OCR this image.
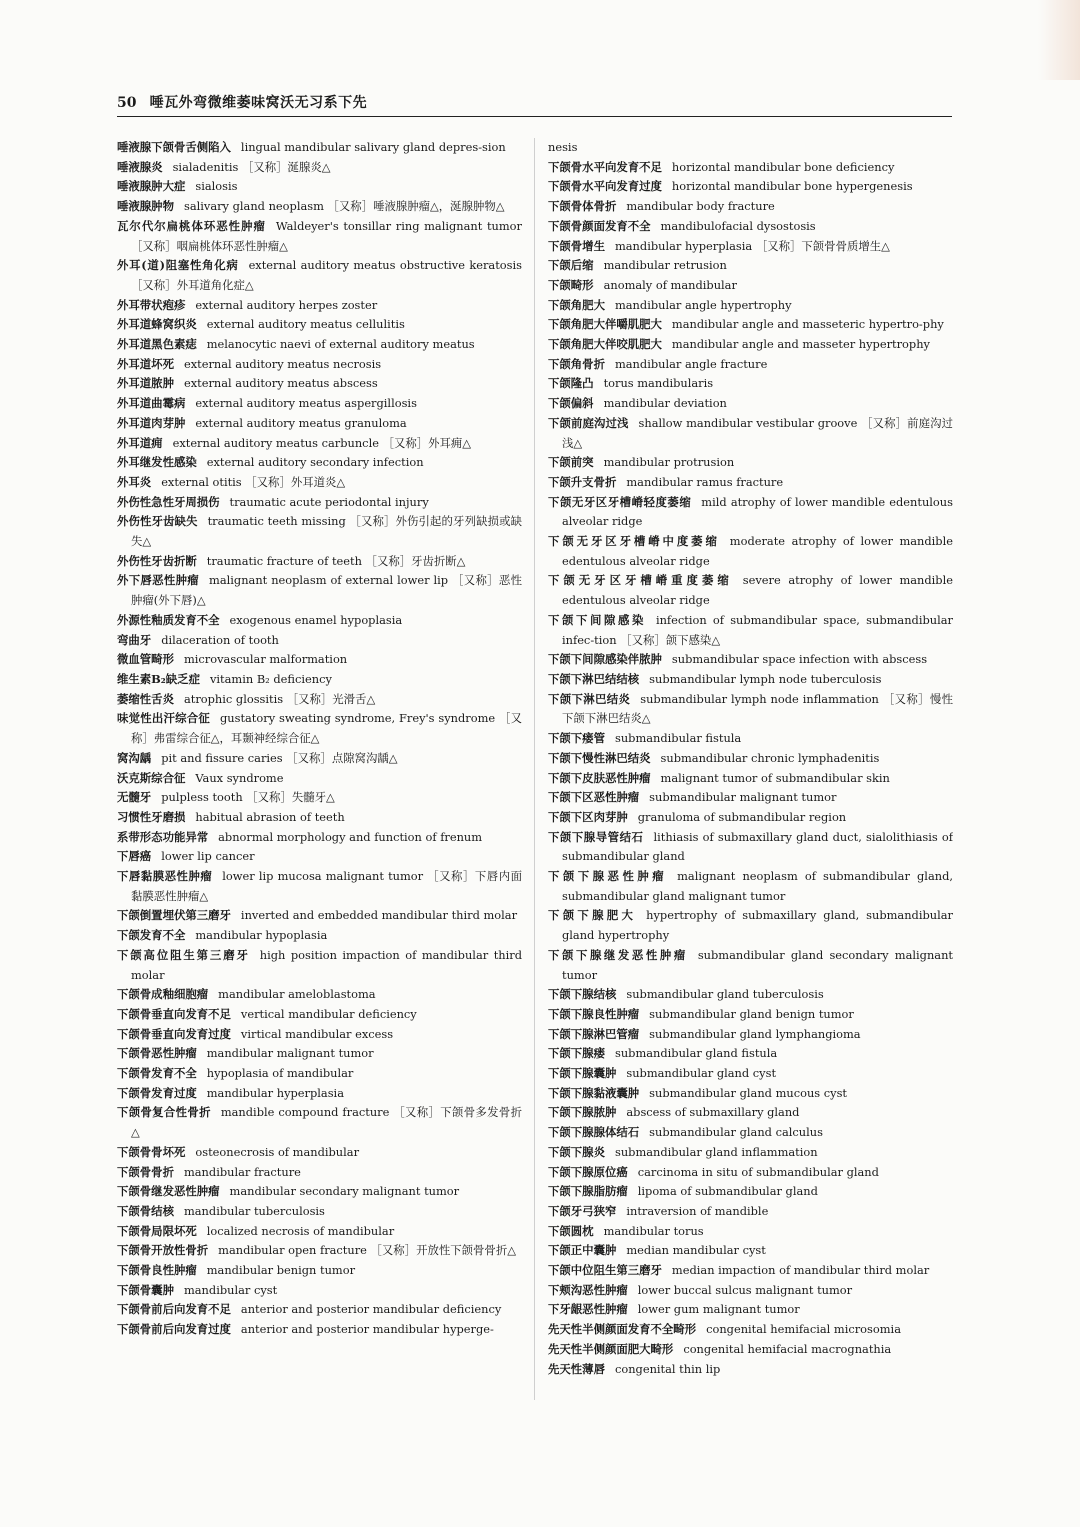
50 唾瓦外弯微维萎味窝沃无习系下先

唾液腺下颌骨舌侧陷入 lingual mandibular salivary gland depres-sion

唾液腺炎 sialadenitis ［又称］涎腺炎△

唾液腺肿大症 sialosis

唾液腺肿物 salivary gland neoplasm ［又称］唾液腺肿瘤△，涎腺肿物△

瓦尔代尔扁桃体环恶性肿瘤 Waldeyer's tonsillar ring malignant tumor ［又称］咽扁桃体环恶性肿瘤△

外耳(道)阻塞性角化病 external auditory meatus obstructive keratosis ［又称］外耳道角化症△

外耳带状疱疹 external auditory herpes zoster

外耳道蜂窝织炎 external auditory meatus cellulitis

外耳道黑色素痣 melanocytic naevi of external auditory meatus

外耳道坏死 external auditory meatus necrosis

外耳道脓肿 external auditory meatus abscess

外耳道曲霉病 external auditory meatus aspergillosis

外耳道肉芽肿 external auditory meatus granuloma

外耳道痈 external auditory meatus carbuncle ［又称］外耳痈△

外耳继发性感染 external auditory secondary infection

外耳炎 external otitis ［又称］外耳道炎△

外伤性急性牙周损伤 traumatic acute periodontal injury

外伤性牙齿缺失 traumatic teeth missing ［又称］外伤引起的牙列缺损或缺失△

外伤性牙齿折断 traumatic fracture of teeth ［又称］牙齿折断△

外下唇恶性肿瘤 malignant neoplasm of external lower lip ［又称］恶性肿瘤(外下唇)△

外源性釉质发育不全 exogenous enamel hypoplasia

弯曲牙 dilaceration of tooth

微血管畸形 microvascular malformation

维生素B₂缺乏症 vitamin B₂ deficiency

萎缩性舌炎 atrophic glossitis ［又称］光滑舌△

味觉性出汗综合征 gustatory sweating syndrome, Frey's syndrome ［又称］弗雷综合征△，耳颞神经综合征△

窝沟龋 pit and fissure caries ［又称］点隙窝沟龋△

沃克斯综合征 Vaux syndrome

无髓牙 pulpless tooth ［又称］失髓牙△

习惯性牙磨损 habitual abrasion of teeth

系带形态功能异常 abnormal morphology and function of frenum

下唇癌 lower lip cancer

下唇黏膜恶性肿瘤 lower lip mucosa malignant tumor ［又称］下唇内面黏膜恶性肿瘤△

下颌倒置埋伏第三磨牙 inverted and embedded mandibular third molar

下颌发育不全 mandibular hypoplasia

下颌高位阻生第三磨牙 high position impaction of mandibular third molar

下颌骨成釉细胞瘤 mandibular ameloblastoma

下颌骨垂直向发育不足 vertical mandibular deficiency

下颌骨垂直向发育过度 virtical mandibular excess

下颌骨恶性肿瘤 mandibular malignant tumor

下颌骨发育不全 hypoplasia of mandibular

下颌骨发育过度 mandibular hyperplasia

下颌骨复合性骨折 mandible compound fracture ［又称］下颌骨多发骨折△

下颌骨骨坏死 osteonecrosis of mandibular

下颌骨骨折 mandibular fracture

下颌骨继发恶性肿瘤 mandibular secondary malignant tumor

下颌骨结核 mandibular tuberculosis

下颌骨局限坏死 localized necrosis of mandibular

下颌骨开放性骨折 mandibular open fracture ［又称］开放性下颌骨骨折△

下颌骨良性肿瘤 mandibular benign tumor

下颌骨囊肿 mandibular cyst

下颌骨前后向发育不足 anterior and posterior mandibular deficiency

下颌骨前后向发育过度 anterior and posterior mandibular hyperge-

nesis

下颌骨水平向发育不足 horizontal mandibular bone deficiency

下颌骨水平向发育过度 horizontal mandibular bone hypergenesis

下颌骨体骨折 mandibular body fracture

下颌骨颜面发育不全 mandibulofacial dysostosis

下颌骨增生 mandibular hyperplasia ［又称］下颌骨骨质增生△

下颌后缩 mandibular retrusion

下颌畸形 anomaly of mandibular

下颌角肥大 mandibular angle hypertrophy

下颌角肥大伴嚼肌肥大 mandibular angle and masseteric hypertro-phy

下颌角肥大伴咬肌肥大 mandibular angle and masseter hypertrophy

下颌角骨折 mandibular angle fracture

下颌隆凸 torus mandibularis

下颌偏斜 mandibular deviation

下颌前庭沟过浅 shallow mandibular vestibular groove ［又称］前庭沟过浅△

下颌前突 mandibular protrusion

下颌升支骨折 mandibular ramus fracture

下颌无牙区牙槽嵴轻度萎缩 mild atrophy of lower mandible edentulous alveolar ridge

下颌无牙区牙槽嵴中度萎缩 moderate atrophy of lower mandible edentulous alveolar ridge

下颌无牙区牙槽嵴重度萎缩 severe atrophy of lower mandible edentulous alveolar ridge

下颌下间隙感染 infection of submandibular space, submandibular infec-tion ［又称］颌下感染△

下颌下间隙感染伴脓肿 submandibular space infection with abscess

下颌下淋巴结结核 submandibular lymph node tuberculosis

下颌下淋巴结炎 submandibular lymph node inflammation ［又称］慢性下颌下淋巴结炎△

下颌下瘘管 submandibular fistula

下颌下慢性淋巴结炎 submandibular chronic lymphadenitis

下颌下皮肤恶性肿瘤 malignant tumor of submandibular skin

下颌下区恶性肿瘤 submandibular malignant tumor

下颌下区肉芽肿 granuloma of submandibular region

下颌下腺导管结石 lithiasis of submaxillary gland duct, sialolithiasis of submandibular gland

下颌下腺恶性肿瘤 malignant neoplasm of submandibular gland, submandibular gland malignant tumor

下颌下腺肥大 hypertrophy of submaxillary gland, submandibular gland hypertrophy

下颌下腺继发恶性肿瘤 submandibular gland secondary malignant tumor

下颌下腺结核 submandibular gland tuberculosis

下颌下腺良性肿瘤 submandibular gland benign tumor

下颌下腺淋巴管瘤 submandibular gland lymphangioma

下颌下腺瘘 submandibular gland fistula

下颌下腺囊肿 submandibular gland cyst

下颌下腺黏液囊肿 submandibular gland mucous cyst

下颌下腺脓肿 abscess of submaxillary gland

下颌下腺腺体结石 submandibular gland calculus

下颌下腺炎 submandibular gland inflammation

下颌下腺原位癌 carcinoma in situ of submandibular gland

下颌下腺脂肪瘤 lipoma of submandibular gland

下颌牙弓狭窄 intraversion of mandible

下颌圆枕 mandibular torus

下颌正中囊肿 median mandibular cyst

下颌中位阻生第三磨牙 median impaction of mandibular third molar

下颊沟恶性肿瘤 lower buccal sulcus malignant tumor

下牙龈恶性肿瘤 lower gum malignant tumor

先天性半侧颜面发育不全畸形 congenital hemifacial microsomia

先天性半侧颜面肥大畸形 congenital hemifacial macrognathia

先天性薄唇 congenital thin lip
